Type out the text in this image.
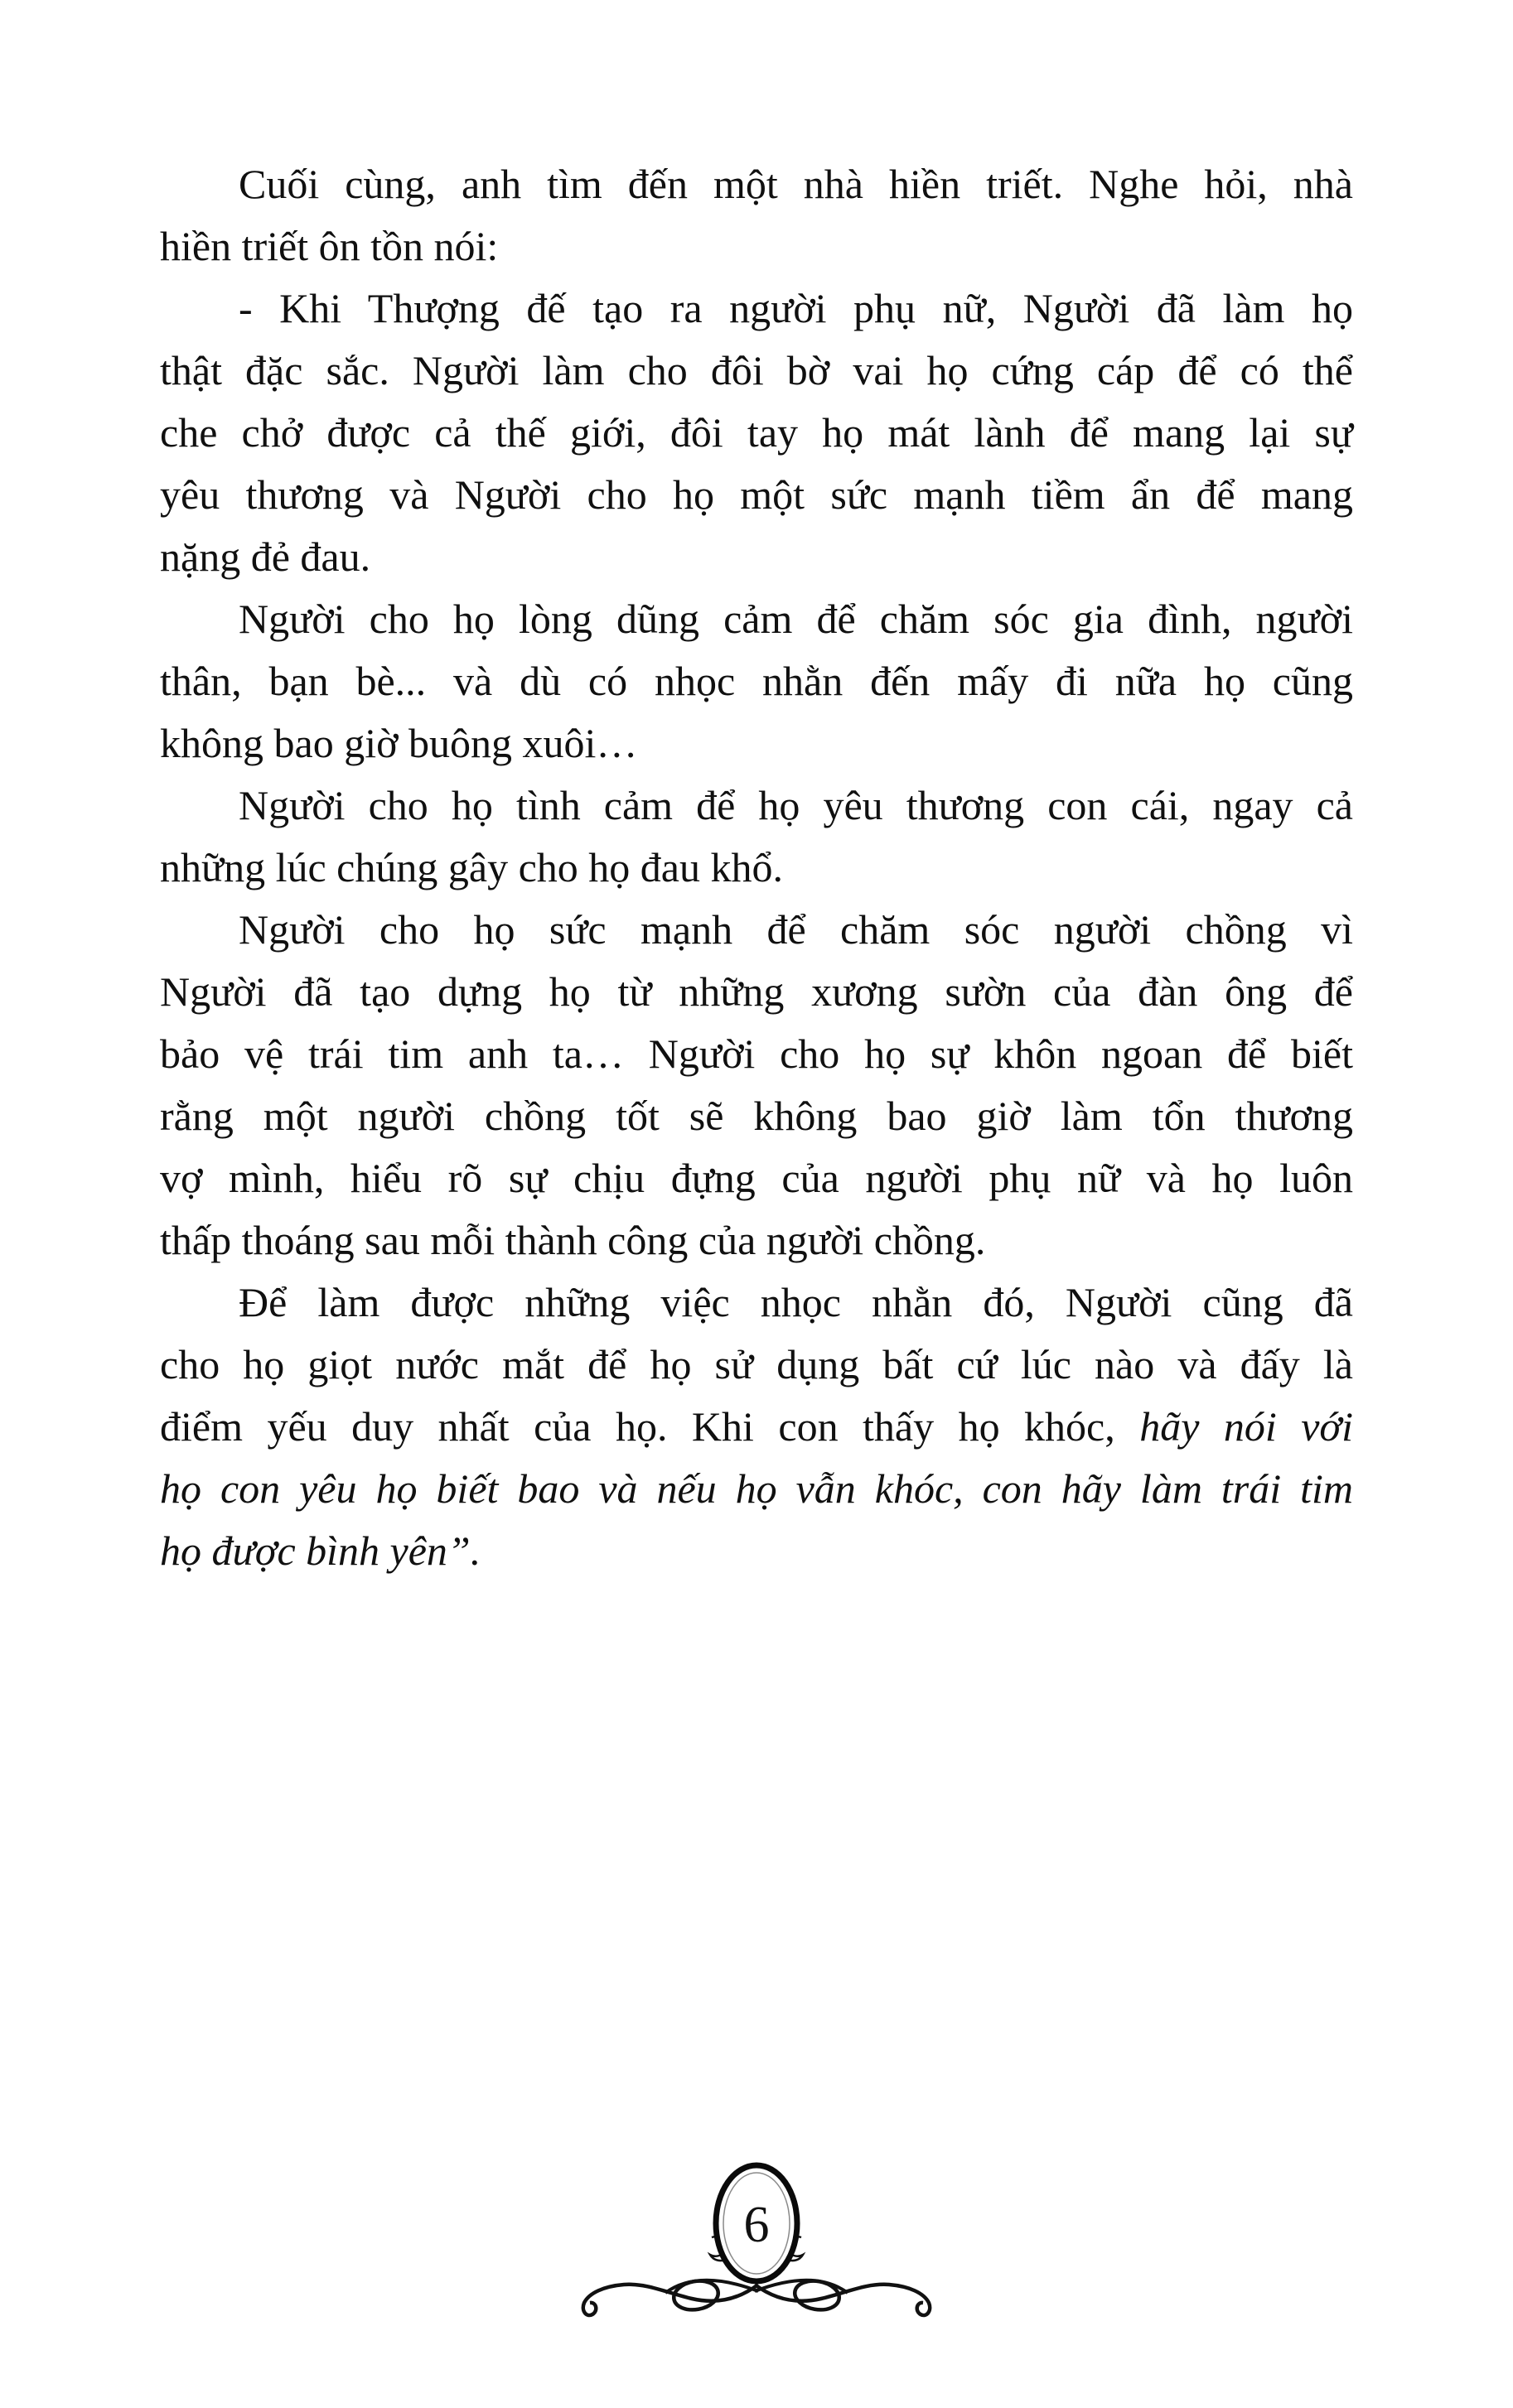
Cuối cùng, anh tìm đến một nhà hiền triết. Nghe hỏi, nhà
hiền triết ôn tồn nói:
- Khi Thượng đế tạo ra người phụ nữ, Người đã làm họ
thật đặc sắc. Người làm cho đôi bờ vai họ cứng cáp để có thể
che chở được cả thế giới, đôi tay họ mát lành để mang lại sự
yêu thương và Người cho họ một sức mạnh tiềm ẩn để mang
nặng đẻ đau.
Người cho họ lòng dũng cảm để chăm sóc gia đình, người
thân, bạn bè... và dù có nhọc nhằn đến mấy đi nữa họ cũng
không bao giờ buông xuôi…
Người cho họ tình cảm để họ yêu thương con cái, ngay cả
những lúc chúng gây cho họ đau khổ.
Người cho họ sức mạnh để chăm sóc người chồng vì
Người đã tạo dựng họ từ những xương sườn của đàn ông để
bảo vệ trái tim anh ta… Người cho họ sự khôn ngoan để biết
rằng một người chồng tốt sẽ không bao giờ làm tổn thương
vợ mình, hiểu rõ sự chịu đựng của người phụ nữ và họ luôn
thấp thoáng sau mỗi thành công của người chồng.
Để làm được những việc nhọc nhằn đó, Người cũng đã
cho họ giọt nước mắt để họ sử dụng bất cứ lúc nào và đấy là
điểm yếu duy nhất của họ. Khi con thấy họ khóc, hãy nói với
họ con yêu họ biết bao và nếu họ vẫn khóc, con hãy làm trái tim
họ được bình yên”.
6
